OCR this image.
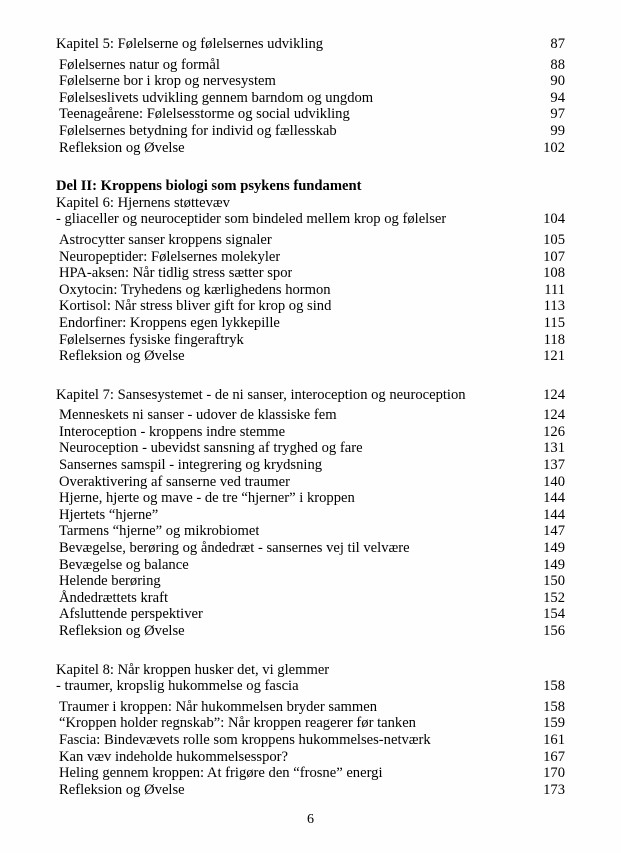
Kapitel 5: Følelserne og følelsernes udvikling	87
Følelsernes natur og formål	88
Følelserne bor i krop og nervesystem	90
Følelseslivets udvikling gennem barndom og ungdom	94
Teenageårene: Følelsesstorme og social udvikling	97
Følelsernes betydning for individ og fællesskab	99
Refleksion og Øvelse	102
Del II: Kroppens biologi som psykens fundament
Kapitel 6: Hjernens støttevæv
- gliaceller og neuroceptider som bindeled mellem krop og følelser	104
Astrocytter sanser kroppens signaler	105
Neuropeptider: Følelsernes molekyler	107
HPA-aksen: Når tidlig stress sætter spor	108
Oxytocin: Tryhedens og kærlighedens hormon	111
Kortisol: Når stress bliver gift for krop og sind	113
Endorfiner: Kroppens egen lykkepille	115
Følelsernes fysiske fingeraftryk	118
Refleksion og Øvelse	121
Kapitel 7: Sansesystemet - de ni sanser, interoception og neuroception	124
Menneskets ni sanser - udover de klassiske fem	124
Interoception - kroppens indre stemme	126
Neuroception - ubevidst sansning af tryghed og fare	131
Sansernes samspil - integrering og krydsning	137
Overaktivering af sanserne ved traumer	140
Hjerne, hjerte og mave - de tre “hjerner” i kroppen	144
Hjertets “hjerne”	144
Tarmens “hjerne” og mikrobiomet	147
Bevægelse, berøring og åndedræt - sansernes vej til velvære	149
Bevægelse og balance	149
Helende berøring	150
Åndedrættets kraft	152
Afsluttende perspektiver	154
Refleksion og Øvelse	156
Kapitel 8: Når kroppen husker det, vi glemmer
- traumer, kropslig hukommelse og fascia	158
Traumer i kroppen: Når hukommelsen bryder sammen	158
“Kroppen holder regnskab”: Når kroppen reagerer før tanken	159
Fascia: Bindevævets rolle som kroppens hukommelses-netværk	161
Kan væv indeholde hukommelsesspor?	167
Heling gennem kroppen: At frigøre den “frosne” energi	170
Refleksion og Øvelse	173
6
